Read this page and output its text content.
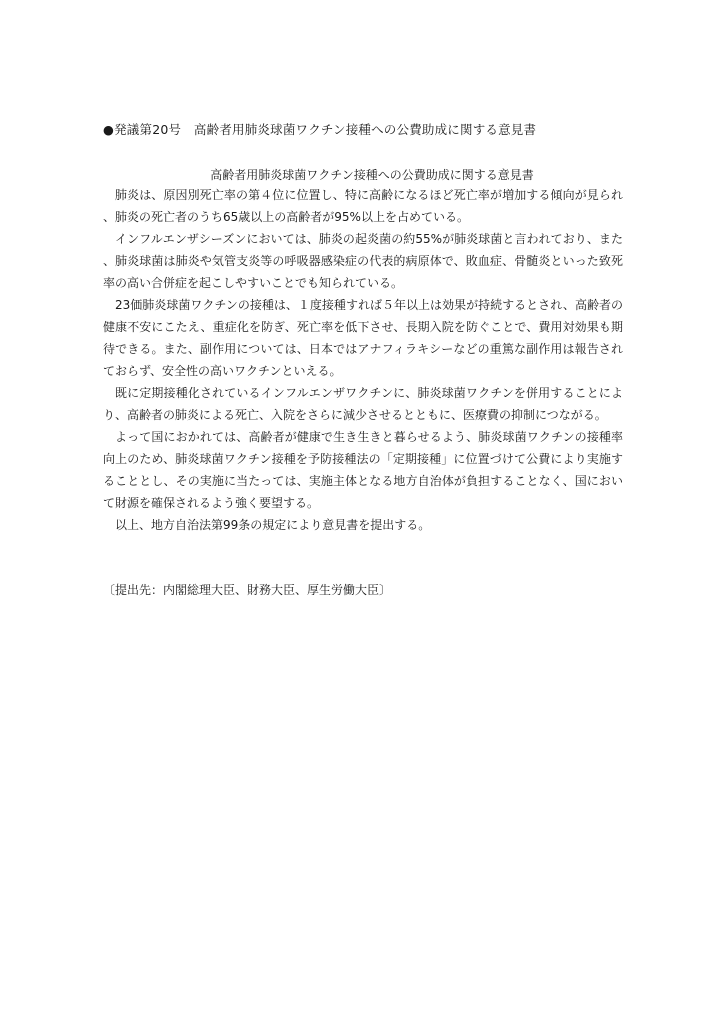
●発議第20号　高齢者用肺炎球菌ワクチン接種への公費助成に関する意見書
高齢者用肺炎球菌ワクチン接種への公費助成に関する意見書

肺炎は、原因別死亡率の第４位に位置し、特に高齢になるほど死亡率が増加する傾向が見られ、肺炎の死亡者のうち65歳以上の高齢者が95%以上を占めている。

インフルエンザシーズンにおいては、肺炎の起炎菌の約55%が肺炎球菌と言われており、また、肺炎球菌は肺炎や気管支炎等の呼吸器感染症の代表的病原体で、敗血症、骨髄炎といった致死率の高い合併症を起こしやすいことでも知られている。

23価肺炎球菌ワクチンの接種は、１度接種すれば５年以上は効果が持続するとされ、高齢者の健康不安にこたえ、重症化を防ぎ、死亡率を低下させ、長期入院を防ぐことで、費用対効果も期待できる。また、副作用については、日本ではアナフィラキシーなどの重篤な副作用は報告されておらず、安全性の高いワクチンといえる。

既に定期接種化されているインフルエンザワクチンに、肺炎球菌ワクチンを併用することにより、高齢者の肺炎による死亡、入院をさらに減少させるとともに、医療費の抑制につながる。

よって国におかれては、高齢者が健康で生き生きと暮らせるよう、肺炎球菌ワクチンの接種率向上のため、肺炎球菌ワクチン接種を予防接種法の「定期接種」に位置づけて公費により実施することとし、その実施に当たっては、実施主体となる地方自治体が負担することなく、国において財源を確保されるよう強く要望する。

以上、地方自治法第99条の規定により意見書を提出する。

〔提出先：内閣総理大臣、財務大臣、厚生労働大臣〕
